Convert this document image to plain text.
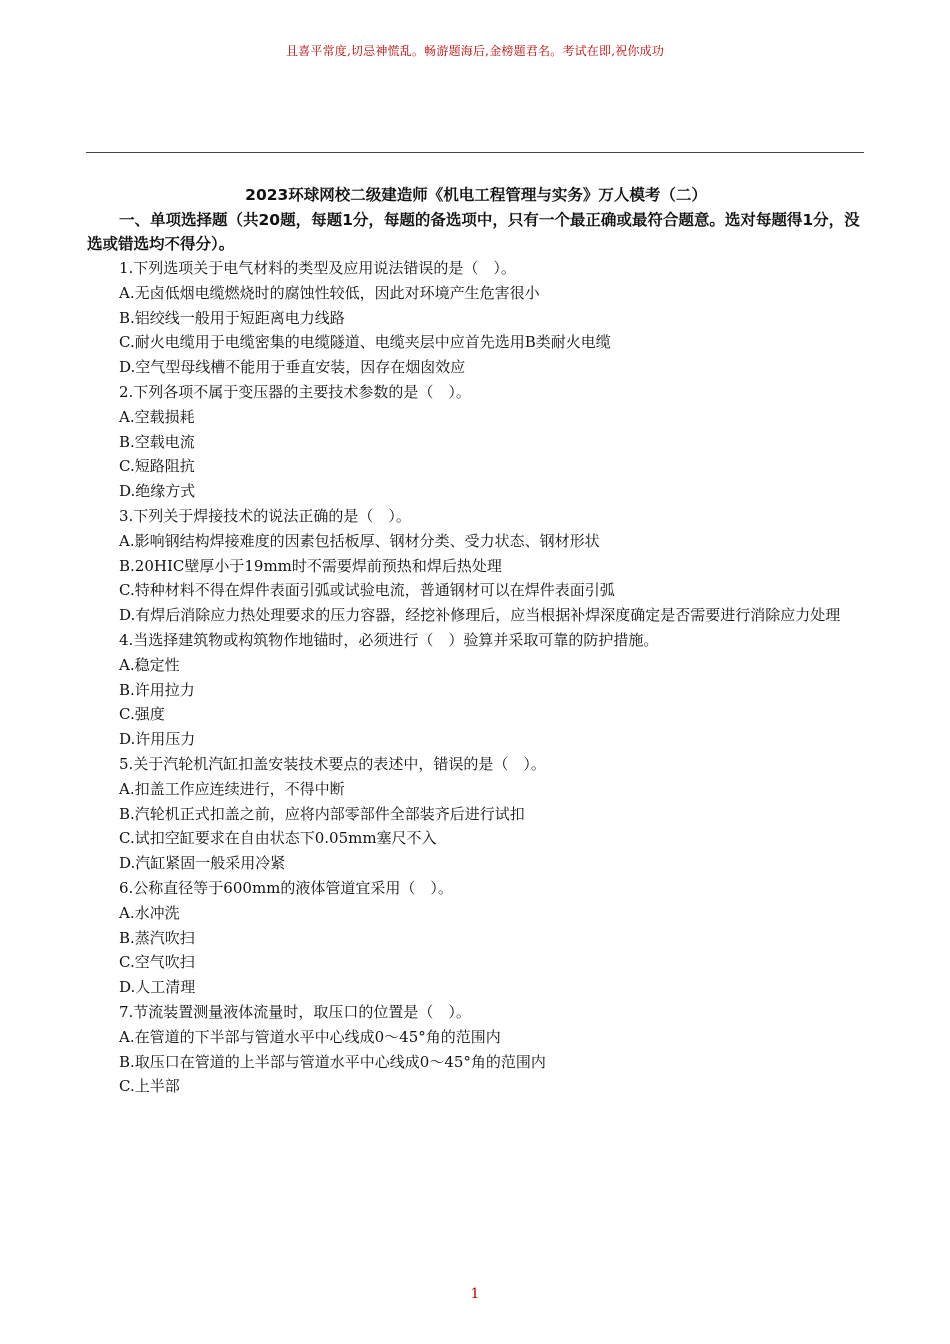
且喜平常度,切忌神慌乱。畅游题海后,金榜题君名。考试在即,祝你成功

2023环球网校二级建造师《机电工程管理与实务》万人模考（二）

一、单项选择题（共20题，每题1分，每题的备选项中，只有一个最正确或最符合题意。选对每题得1分，没选或错选均不得分）。

1.下列选项关于电气材料的类型及应用说法错误的是（　）。

A.无卤低烟电缆燃烧时的腐蚀性较低，因此对环境产生危害很小

B.铝绞线一般用于短距离电力线路

C.耐火电缆用于电缆密集的电缆隧道、电缆夹层中应首先选用B类耐火电缆

D.空气型母线槽不能用于垂直安装，因存在烟囱效应

2.下列各项不属于变压器的主要技术参数的是（　）。

A.空载损耗

B.空载电流

C.短路阻抗

D.绝缘方式

3.下列关于焊接技术的说法正确的是（　）。

A.影响钢结构焊接难度的因素包括板厚、钢材分类、受力状态、钢材形状

B.20HIC壁厚小于19mm时不需要焊前预热和焊后热处理

C.特种材料不得在焊件表面引弧或试验电流，普通钢材可以在焊件表面引弧

D.有焊后消除应力热处理要求的压力容器，经挖补修理后，应当根据补焊深度确定是否需要进行消除应力处理

4.当选择建筑物或构筑物作地锚时，必须进行（　）验算并采取可靠的防护措施。

A.稳定性

B.许用拉力

C.强度

D.许用压力

5.关于汽轮机汽缸扣盖安装技术要点的表述中，错误的是（　）。

A.扣盖工作应连续进行，不得中断

B.汽轮机正式扣盖之前，应将内部零部件全部装齐后进行试扣

C.试扣空缸要求在自由状态下0.05mm塞尺不入

D.汽缸紧固一般采用冷紧

6.公称直径等于600mm的液体管道宜采用（　）。

A.水冲洗

B.蒸汽吹扫

C.空气吹扫

D.人工清理

7.节流装置测量液体流量时，取压口的位置是（　）。

A.在管道的下半部与管道水平中心线成0～45°角的范围内

B.取压口在管道的上半部与管道水平中心线成0～45°角的范围内

C.上半部

1
